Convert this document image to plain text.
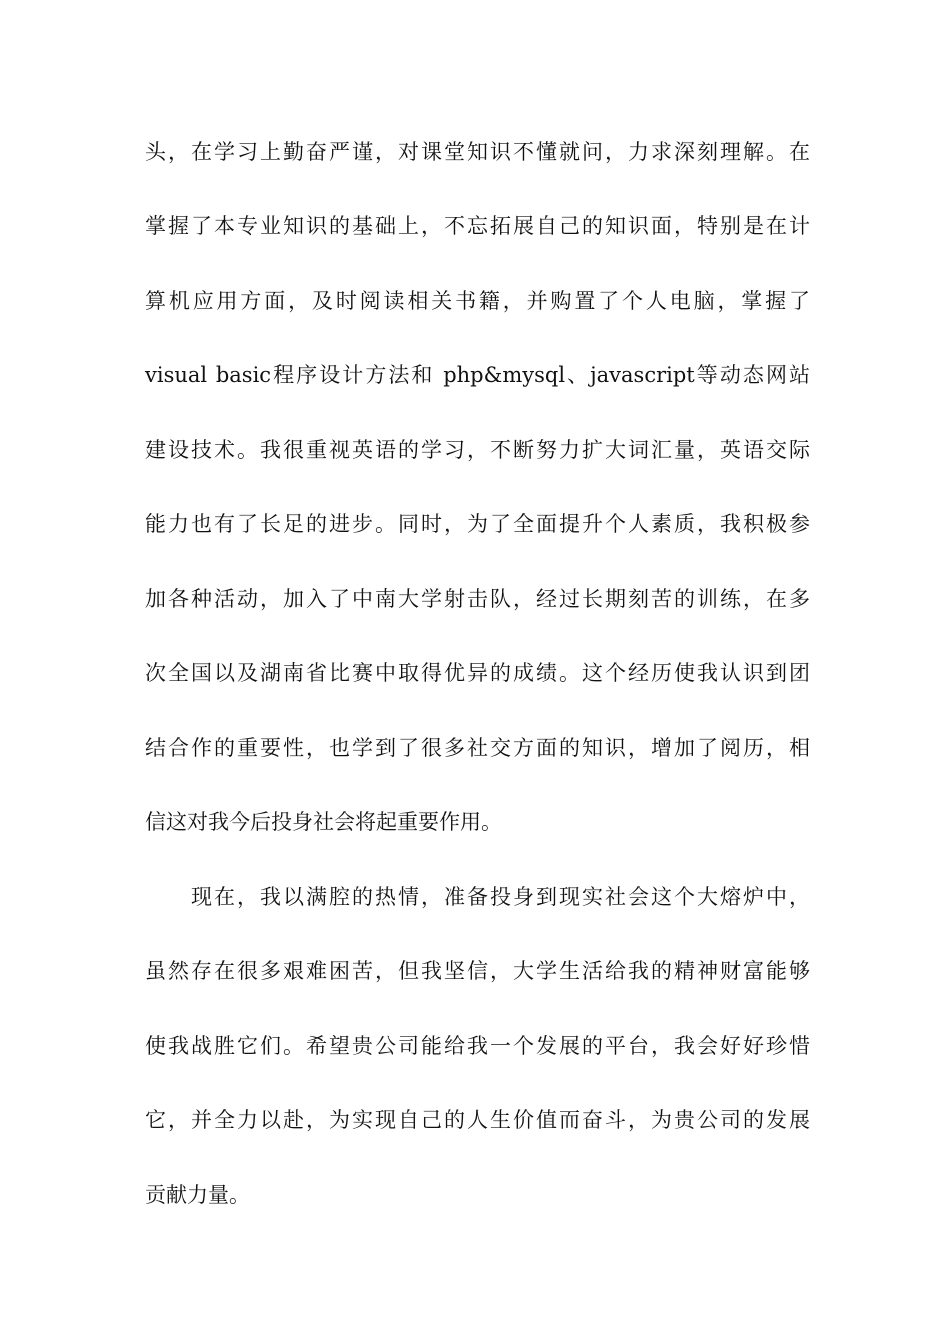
头，在学习上勤奋严谨，对课堂知识不懂就问，力求深刻理解。在
掌握了本专业知识的基础上，不忘拓展自己的知识面，特别是在计
算机应用方面，及时阅读相关书籍，并购置了个人电脑，掌握了
visual basic程序设计方法和 php&mysql、javascript等动态网站
建设技术。我很重视英语的学习，不断努力扩大词汇量，英语交际
能力也有了长足的进步。同时，为了全面提升个人素质，我积极参
加各种活动，加入了中南大学射击队，经过长期刻苦的训练，在多
次全国以及湖南省比赛中取得优异的成绩。这个经历使我认识到团
结合作的重要性，也学到了很多社交方面的知识，增加了阅历，相
信这对我今后投身社会将起重要作用。
现在，我以满腔的热情，准备投身到现实社会这个大熔炉中，
虽然存在很多艰难困苦，但我坚信，大学生活给我的精神财富能够
使我战胜它们。希望贵公司能给我一个发展的平台，我会好好珍惜
它，并全力以赴，为实现自己的人生价值而奋斗，为贵公司的发展
贡献力量。
